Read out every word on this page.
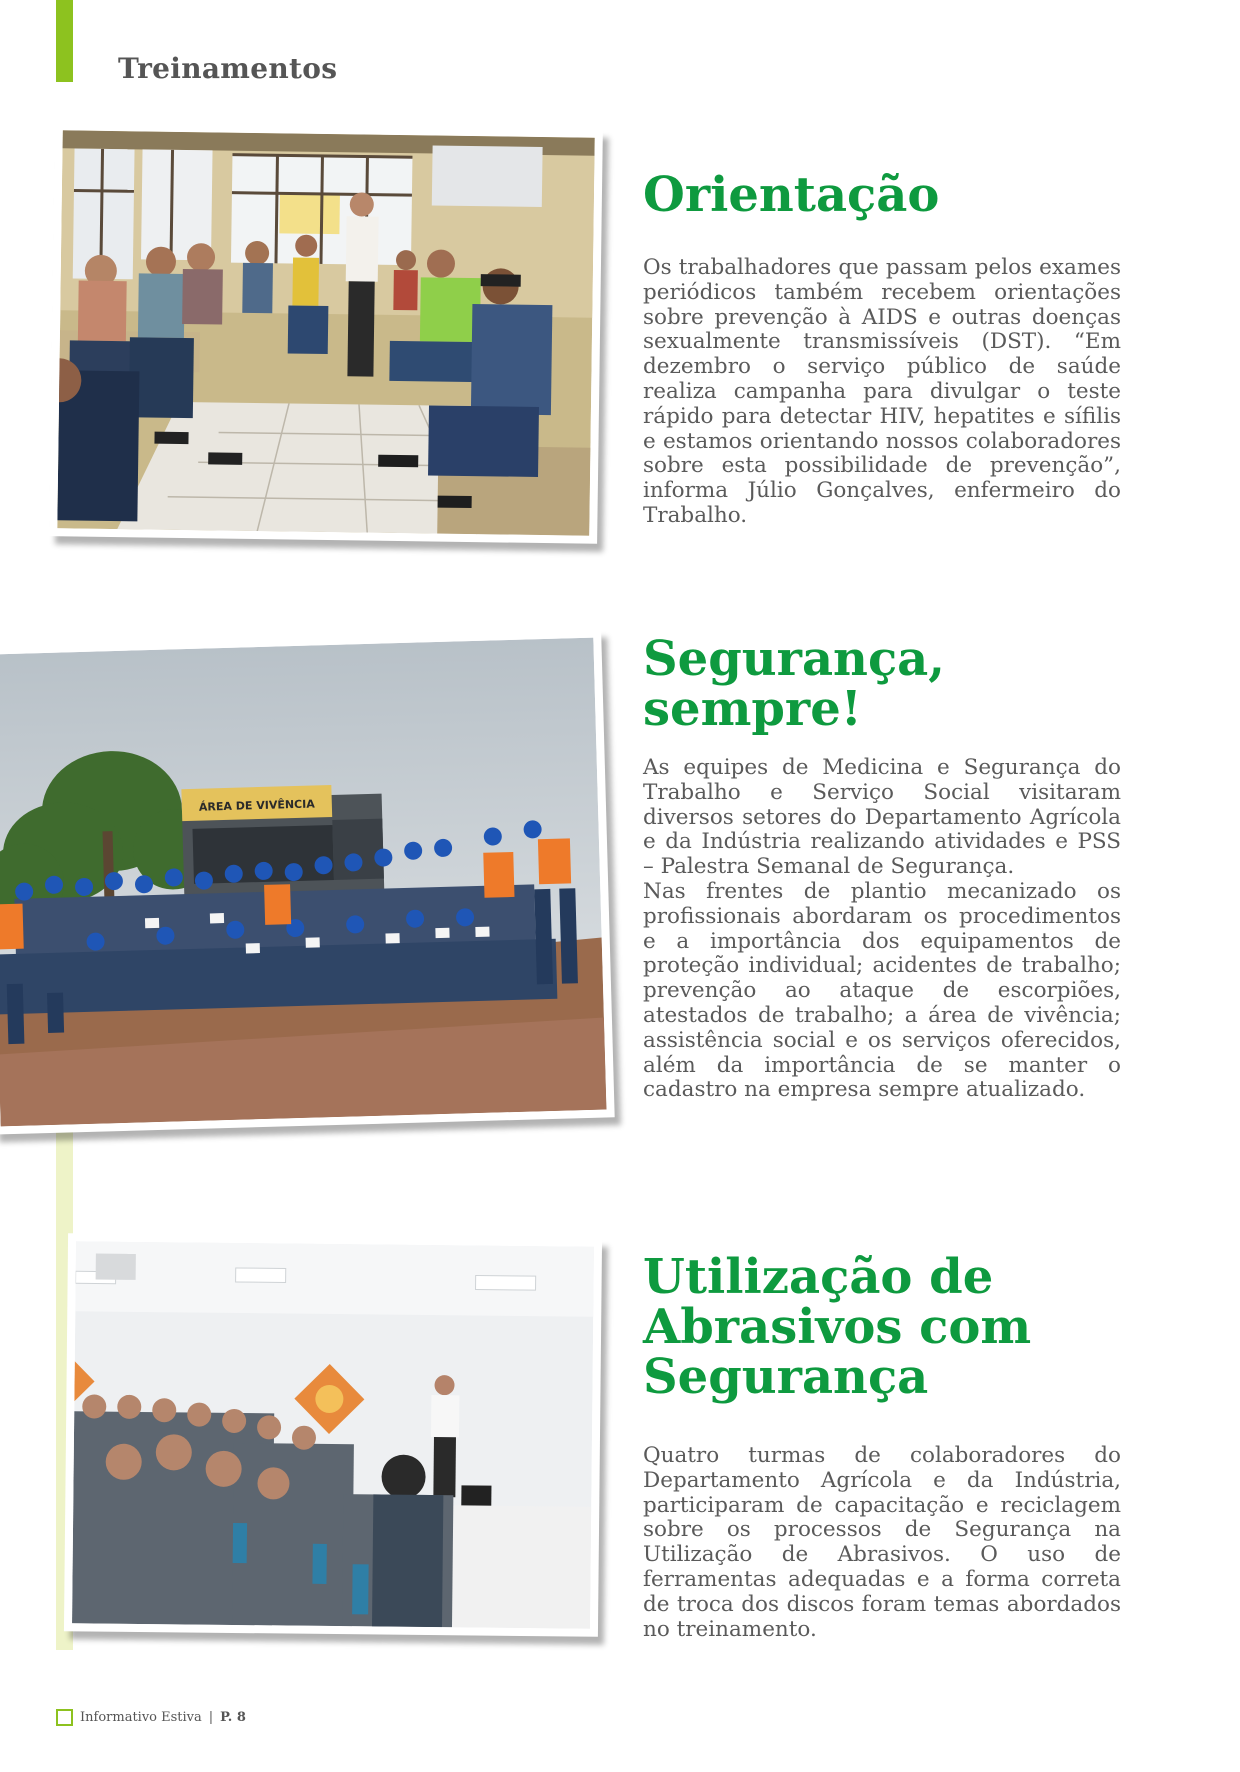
Treinamentos
Orientação
Os trabalhadores que passam pelos exames periódicos também recebem orientações sobre prevenção à AIDS e outras doenças sexualmente transmissíveis (DST). “Em dezembro o serviço público de saúde realiza campanha para divulgar o teste rápido para detectar HIV, hepatites e sífilis e estamos orientando nossos colaboradores sobre esta possibilidade de prevenção”, informa Júlio Gonçalves, enfermeiro do Trabalho.
ÁREA DE VIVÊNCIA
Segurança,
sempre!
As equipes de Medicina e Segurança do Trabalho e Serviço Social visitaram diversos setores do Departamento Agrícola e da Indústria realizando atividades e PSS – Palestra Semanal de Segurança.
Nas frentes de plantio mecanizado os profissionais abordaram os procedimentos e a importância dos equipamentos de proteção individual; acidentes de trabalho; prevenção ao ataque de escorpiões, atestados de trabalho; a área de vivência; assistência social e os serviços oferecidos, além da importância de se manter o cadastro na empresa sempre atualizado.
Utilização de
Abrasivos com
Segurança
Quatro turmas de colaboradores do Departamento Agrícola e da Indústria, participaram de capacitação e reciclagem sobre os processos de Segurança na Utilização de Abrasivos. O uso de ferramentas adequadas e a forma correta de troca dos discos foram temas abordados no treinamento.
Informativo Estiva | P. 8
